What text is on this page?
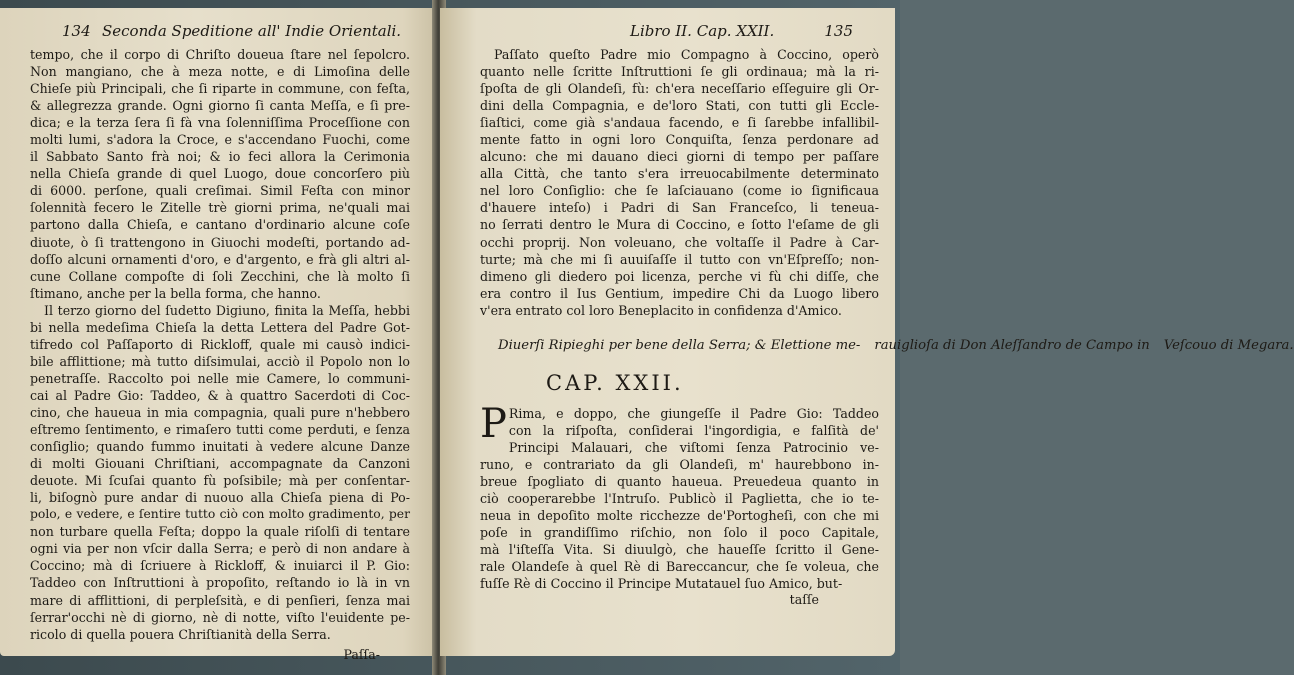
134 Seconda Speditione all' Indie Orientali.
tempo, che il corpo di Chriſto doueua ſtare nel ſepolcro.
Non mangiano, che à meza notte, e di Limoſina delle
Chieſe più Principali, che ſi riparte in commune, con feſta,
& allegrezza grande. Ogni giorno ſi canta Meſſa, e ſi pre-
dica; e la terza ſera ſi fà vna ſolenniſſima Proceſſione con
molti lumi, s'adora la Croce, e s'accendano Fuochi, come
il Sabbato Santo frà noi; & io feci allora la Cerimonia
nella Chieſa grande di quel Luogo, doue concorſero più
di 6000. perſone, quali creſimai. Simil Feſta con minor
ſolennità fecero le Zitelle trè giorni prima, ne'quali mai
partono dalla Chieſa, e cantano d'ordinario alcune coſe
diuote, ò ſi trattengono in Giuochi modeſti, portando ad-
doſſo alcuni ornamenti d'oro, e d'argento, e frà gli altri al-
cune Collane compoſte di ſoli Zecchini, che là molto ſi
ſtimano, anche per la bella forma, che hanno.
Il terzo giorno del ſudetto Digiuno, finita la Meſſa, hebbi
bi nella medeſima Chieſa la detta Lettera del Padre Got-
tifredo col Paſſaporto di Rickloff, quale mi causò indici-
bile afflittione; mà tutto diſsimulai, acciò il Popolo non lo
penetraſſe. Raccolto poi nelle mie Camere, lo communi-
cai al Padre Gio: Taddeo, & à quattro Sacerdoti di Coc-
cino, che haueua in mia compagnia, quali pure n'hebbero
eſtremo ſentimento, e rimaſero tutti come perduti, e ſenza
conſiglio; quando fummo inuitati à vedere alcune Danze
di molti Giouani Chriſtiani, accompagnate da Canzoni
deuote. Mi ſcuſai quanto fù poſsibile; mà per conſentar-
li, biſognò pure andar di nuouo alla Chieſa piena di Po-
polo, e vedere, e ſentire tutto ciò con molto gradimento, per
non turbare quella Feſta; doppo la quale riſolſi di tentare
ogni via per non vſcir dalla Serra; e però di non andare à
Coccino; mà di ſcriuere à Rickloff, & inuiarci il P. Gio:
Taddeo con Inſtruttioni à propoſito, reſtando io là in vn
mare di afflittioni, di perpleſsità, e di penſieri, ſenza mai
ſerrar'occhi nè di giorno, nè di notte, viſto l'euidente pe-
ricolo di quella pouera Chriſtianità della Serra.
Paſſa-
Libro II. Cap. XXII.	135
Paſſato queſto Padre mio Compagno à Coccino, operò
quanto nelle ſcritte Inſtruttioni ſe gli ordinaua; mà la ri-
ſpoſta de gli Olandeſi, fù: ch'era neceſſario eſſeguire gli Or-
dini della Compagnia, e de'loro Stati, con tutti gli Eccle-
ſiaſtici, come già s'andaua facendo, e ſi ſarebbe infallibil-
mente fatto in ogni loro Conquiſta, ſenza perdonare ad
alcuno: che mi dauano dieci giorni di tempo per paſſare
alla Città, che tanto s'era irreuocabilmente determinato
nel loro Conſiglio: che ſe laſciauano (come io ſignificaua
d'hauere inteſo) i Padri di San Franceſco, li teneua-
no ſerrati dentro le Mura di Coccino, e ſotto l'eſame de gli
occhi proprij. Non voleuano, che voltaſſe il Padre à Car-
turte; mà che mi ſi auuiſaſſe il tutto con vn'Eſpreſſo; non-
dimeno gli diedero poi licenza, perche vi fù chi diſſe, che
era contro il Ius Gentium, impedire Chi da Luogo libero
v'era entrato col loro Beneplacito in confidenza d'Amico.
Diuerſi Ripieghi per bene della Serra; & Elettione me- rauiglioſa di Don Aleſſandro de Campo in Veſcouo di Megara.
CAP. XXII.
P Rima, e doppo, che giungeſſe il Padre Gio: Taddeo
con la riſpoſta, conſiderai l'ingordigia, e falſità de'
Principi Malauari, che viſtomi ſenza Patrocinio ve-
runo, e contrariato da gli Olandeſi, m' haurebbono in-
breue ſpogliato di quanto haueua. Preuedeua quanto in
ciò cooperarebbe l'Intruſo. Publicò il Paglietta, che io te-
neua in depoſito molte ricchezze de'Portogheſi, con che mi
poſe in grandiſſimo riſchio, non ſolo il poco Capitale,
mà l'iſteſſa Vita. Si diuulgò, che haueſſe ſcritto il Gene-
rale Olandeſe à quel Rè di Bareccancur, che ſe voleua, che
fuſſe Rè di Coccino il Principe Mutatauel ſuo Amico, but-
taſſe
